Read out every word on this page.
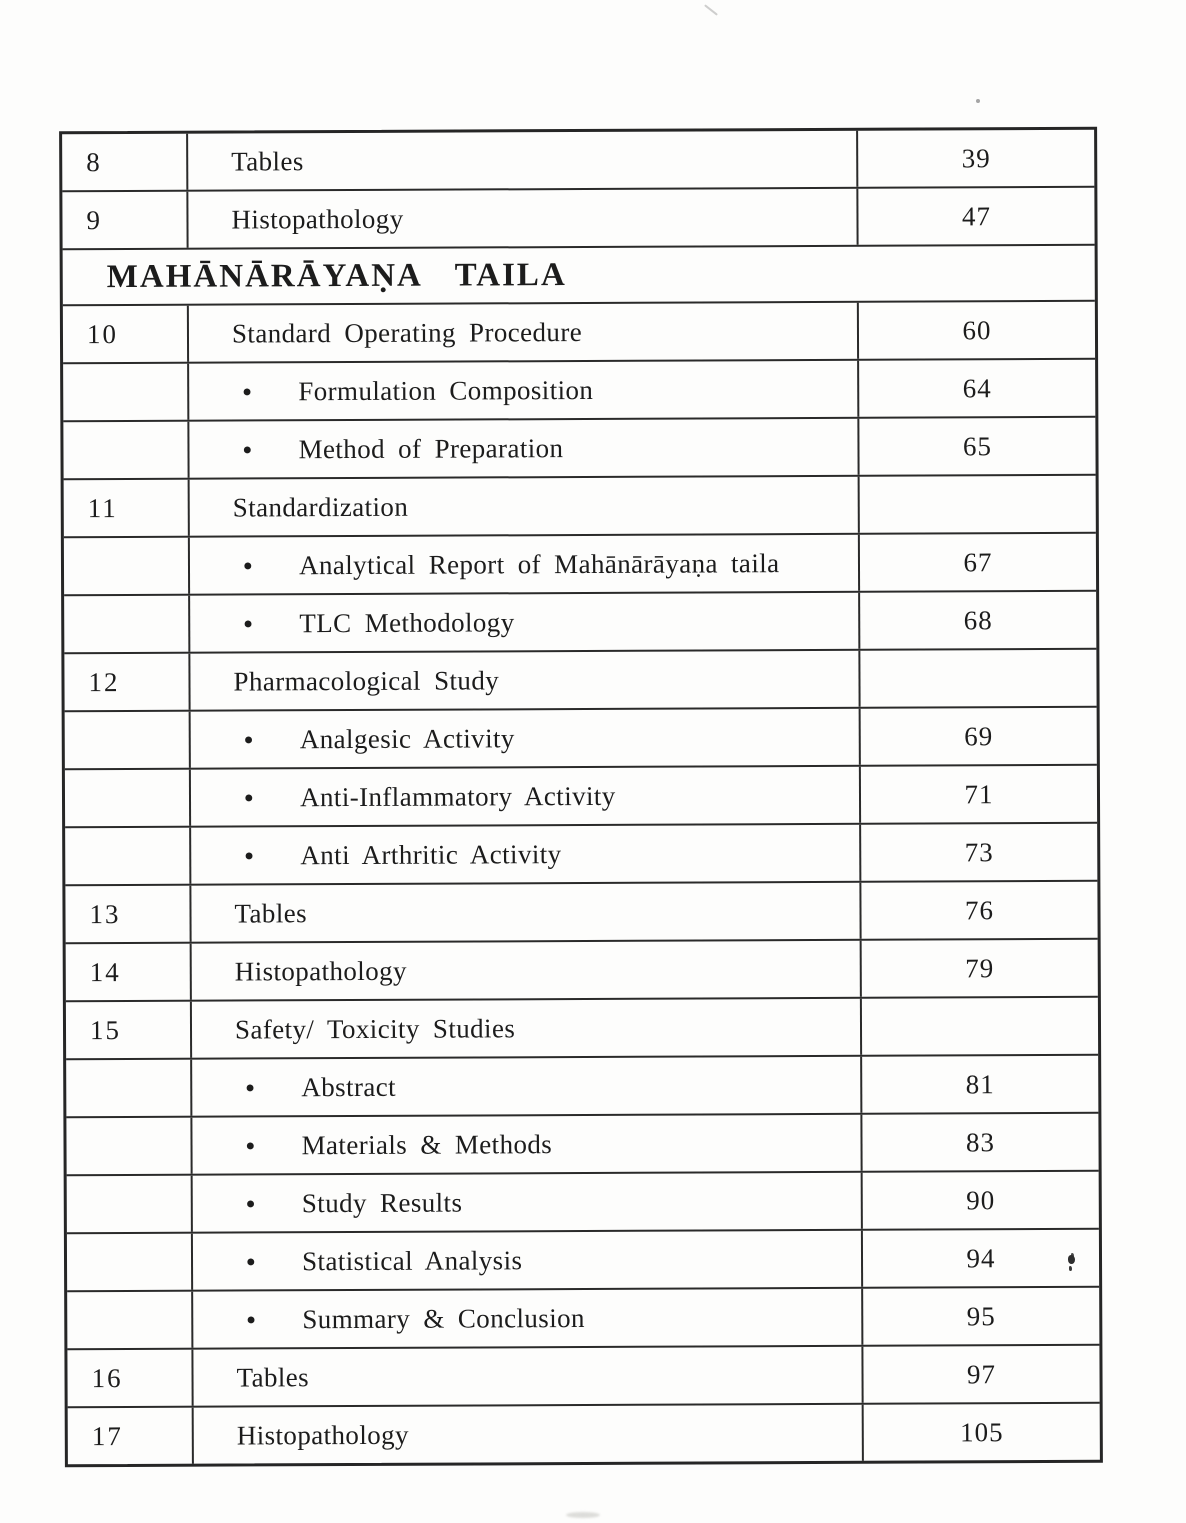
8	Tables	39
9	Histopathology	47
MAHĀNĀRĀYAṆA TAILA
10	Standard Operating Procedure	60
● Formulation Composition	64
● Method of Preparation	65
11	Standardization
● Analytical Report of Mahānārāyaṇa taila	67
● TLC Methodology	68
12	Pharmacological Study
● Analgesic Activity	69
● Anti-Inflammatory Activity	71
● Anti Arthritic Activity	73
13	Tables	76
14	Histopathology	79
15	Safety/ Toxicity Studies
● Abstract	81
● Materials & Methods	83
● Study Results	90
● Statistical Analysis	94
● Summary & Conclusion	95
16	Tables	97
17	Histopathology	105
